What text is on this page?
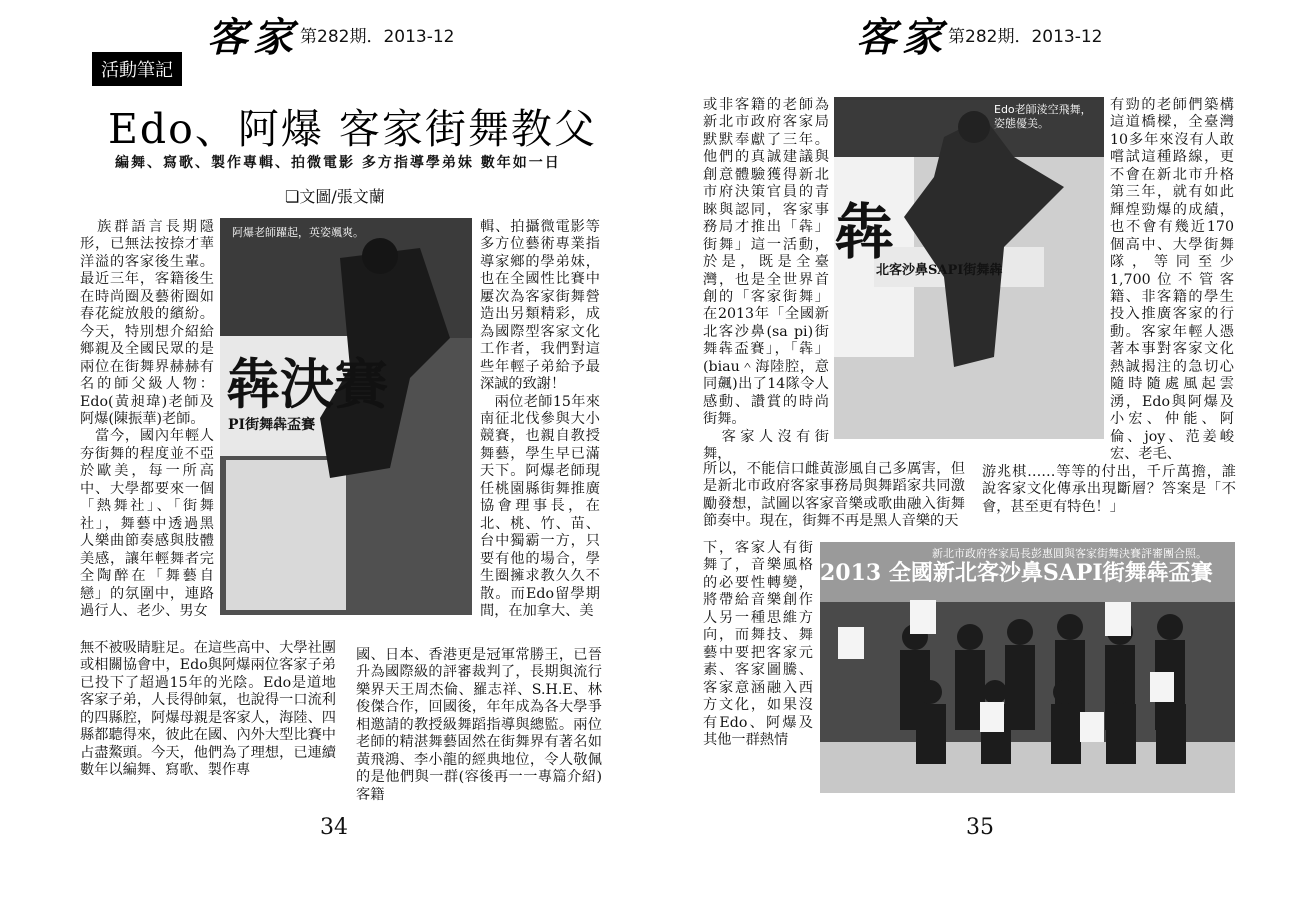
客家 第282期．2013-12
活動筆記
Edo、阿爆 客家街舞教父
編舞、寫歌、製作專輯、拍微電影 多方指導學弟妹 數年如一日
❏文圖/張文蘭
　族群語言長期隱形，已無法按捺才華洋溢的客家後生輩。最近三年，客籍後生在時尚圈及藝術圈如春花綻放般的繽紛。今天，特別想介紹給鄉親及全國民眾的是兩位在街舞界赫赫有名的師父級人物：Edo(黃昶瑋)老師及阿爆(陳振華)老師。
　當今，國內年輕人夯街舞的程度並不亞於歐美，每一所高中、大學都要來一個「熱舞社」、「街舞社」，舞藝中透過黑人樂曲節奏感與肢體美感，讓年輕舞者完全陶醉在「舞藝自戀」的氛圍中，連路過行人、老少、男女
阿爆老師躍起，英姿颯爽。
犇決賽
PI街舞犇盃賽
輯、拍攝微電影等多方位藝術專業指導家鄉的學弟妹，也在全國性比賽中屢次為客家街舞營造出另類精彩，成為國際型客家文化工作者，我們對這些年輕子弟給予最深誠的致謝！
　兩位老師15年來南征北伐參與大小競賽，也親自教授舞藝，學生早已滿天下。阿爆老師現任桃園縣街舞推廣協會理事長，在北、桃、竹、苗、台中獨霸一方，只要有他的場合，學生圈擁求教久久不散。而Edo留學期間，在加拿大、美
無不被吸睛駐足。在這些高中、大學社團或相關協會中，Edo與阿爆兩位客家子弟已投下了超過15年的光陰。Edo是道地客家子弟，人長得帥氣，也說得一口流利的四縣腔，阿爆母親是客家人，海陸、四縣都聽得來，彼此在國、內外大型比賽中占盡鰲頭。今天，他們為了理想，已連續數年以編舞、寫歌、製作專
國、日本、香港更是冠軍常勝王，已晉升為國際級的評審裁判了，長期與流行樂界天王周杰倫、羅志祥、S.H.E、林俊傑合作，回國後，年年成為各大學爭相邀請的教授級舞蹈指導與總監。兩位老師的精湛舞藝固然在街舞界有著名如黃飛鴻、李小龍的經典地位，令人敬佩的是他們與一群(容後再一一專篇介紹)客籍
34
客家 第282期．2013-12
或非客籍的老師為新北市政府客家局默默奉獻了三年。他們的真誠建議與創意體驗獲得新北市府決策官員的青睞與認同，客家事務局才推出「犇」街舞」這一活動，於是，既是全臺灣，也是全世界首創的「客家街舞」在2013年「全國新北客沙鼻(sa pi)街舞犇盃賽」，「犇」(biau＾海陸腔，意同飆)出了14隊令人感動、讚賞的時尚街舞。
　客家人沒有街舞，
Edo老師淩空飛舞，姿態優美。
犇
北客沙鼻SAPI街舞犇
有勁的老師們築構這道橋樑，全臺灣10多年來沒有人敢嚐試這種路線，更不會在新北市升格第三年，就有如此輝煌勁爆的成績，也不會有幾近170個高中、大學街舞隊，等同至少1,700位不管客籍、非客籍的學生投入推廣客家的行動。客家年輕人憑著本事對客家文化熱誠揭注的急切心隨時隨處風起雲湧，Edo與阿爆及小宏、仲能、阿倫、joy、范姜峻宏、老毛、
所以，不能信口雌黃澎風自己多厲害，但是新北市政府客家事務局與舞蹈家共同激勵發想，試圖以客家音樂或歌曲融入街舞節奏中。現在，街舞不再是黑人音樂的天
游兆棋……等等的付出，千斤萬擔，誰說客家文化傳承出現斷層？答案是「不會，甚至更有特色！」
下，客家人有街舞了，音樂風格的必要性轉變，將帶給音樂創作人另一種思維方向，而舞技、舞藝中要把客家元素、客家圖騰、客家意涵融入西方文化，如果沒有Edo、阿爆及其他一群熱情
新北市政府客家局長彭惠圓與客家街舞決賽評審團合照。
2013 全國新北客沙鼻SAPI街舞犇盃賽
35
